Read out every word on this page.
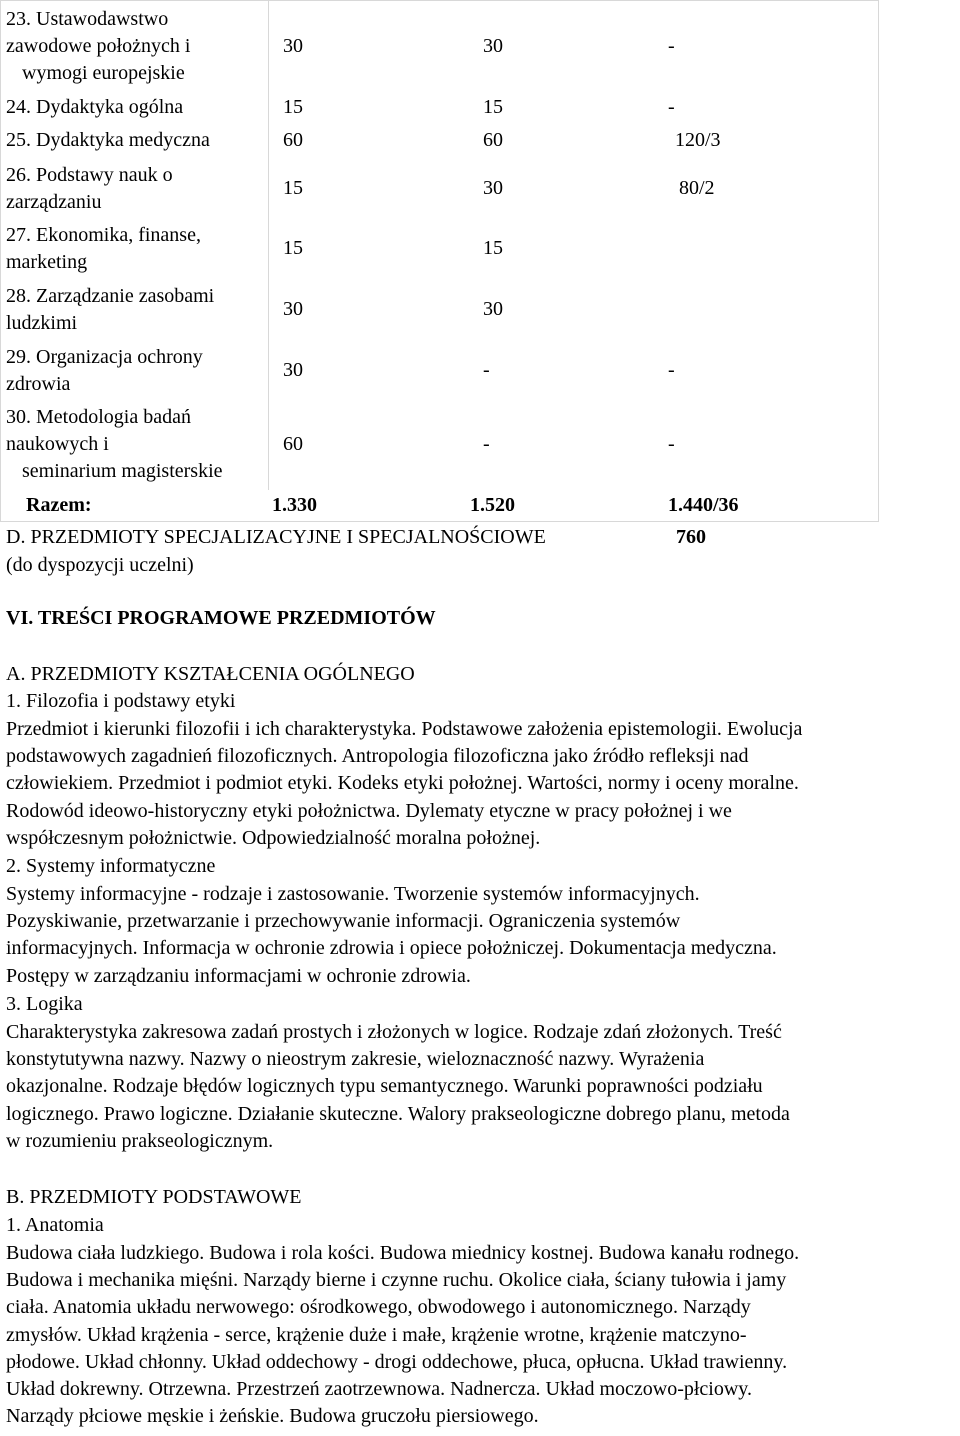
23. Ustawodawstwo
zawodowe położnych i
wymogi europejskie
30	30	-
24. Dydaktyka ogólna	15	15	-
25. Dydaktyka medyczna	60	60	120/3
26. Podstawy nauk o
zarządzaniu
15	30	80/2
27. Ekonomika, finanse,
marketing
15	15
28. Zarządzanie zasobami
ludzkimi
30	30
29. Organizacja ochrony
zdrowia
30	-	-
30. Metodologia badań
naukowych i
seminarium magisterskie
60	-	-
Razem:	1.330	1.520	1.440/36
D. PRZEDMIOTY SPECJALIZACYJNE I SPECJALNOŚCIOWE	760
(do dyspozycji uczelni)
VI. TREŚCI PROGRAMOWE PRZEDMIOTÓW
A. PRZEDMIOTY KSZTAŁCENIA OGÓLNEGO
1. Filozofia i podstawy etyki
Przedmiot i kierunki filozofii i ich charakterystyka. Podstawowe założenia epistemologii. Ewolucja
podstawowych zagadnień filozoficznych. Antropologia filozoficzna jako źródło refleksji nad
człowiekiem. Przedmiot i podmiot etyki. Kodeks etyki położnej. Wartości, normy i oceny moralne.
Rodowód ideowo-historyczny etyki położnictwa. Dylematy etyczne w pracy położnej i we
współczesnym położnictwie. Odpowiedzialność moralna położnej.
2. Systemy informatyczne
Systemy informacyjne - rodzaje i zastosowanie. Tworzenie systemów informacyjnych.
Pozyskiwanie, przetwarzanie i przechowywanie informacji. Ograniczenia systemów
informacyjnych. Informacja w ochronie zdrowia i opiece położniczej. Dokumentacja medyczna.
Postępy w zarządzaniu informacjami w ochronie zdrowia.
3. Logika
Charakterystyka zakresowa zadań prostych i złożonych w logice. Rodzaje zdań złożonych. Treść
konstytutywna nazwy. Nazwy o nieostrym zakresie, wieloznaczność nazwy. Wyrażenia
okazjonalne. Rodzaje błędów logicznych typu semantycznego. Warunki poprawności podziału
logicznego. Prawo logiczne. Działanie skuteczne. Walory prakseologiczne dobrego planu, metoda
w rozumieniu prakseologicznym.
B. PRZEDMIOTY PODSTAWOWE
1. Anatomia
Budowa ciała ludzkiego. Budowa i rola kości. Budowa miednicy kostnej. Budowa kanału rodnego.
Budowa i mechanika mięśni. Narządy bierne i czynne ruchu. Okolice ciała, ściany tułowia i jamy
ciała. Anatomia układu nerwowego: ośrodkowego, obwodowego i autonomicznego. Narządy
zmysłów. Układ krążenia - serce, krążenie duże i małe, krążenie wrotne, krążenie matczyno-
płodowe. Układ chłonny. Układ oddechowy - drogi oddechowe, płuca, opłucna. Układ trawienny.
Układ dokrewny. Otrzewna. Przestrzeń zaotrzewnowa. Nadnercza. Układ moczowo-płciowy.
Narządy płciowe męskie i żeńskie. Budowa gruczołu piersiowego.
